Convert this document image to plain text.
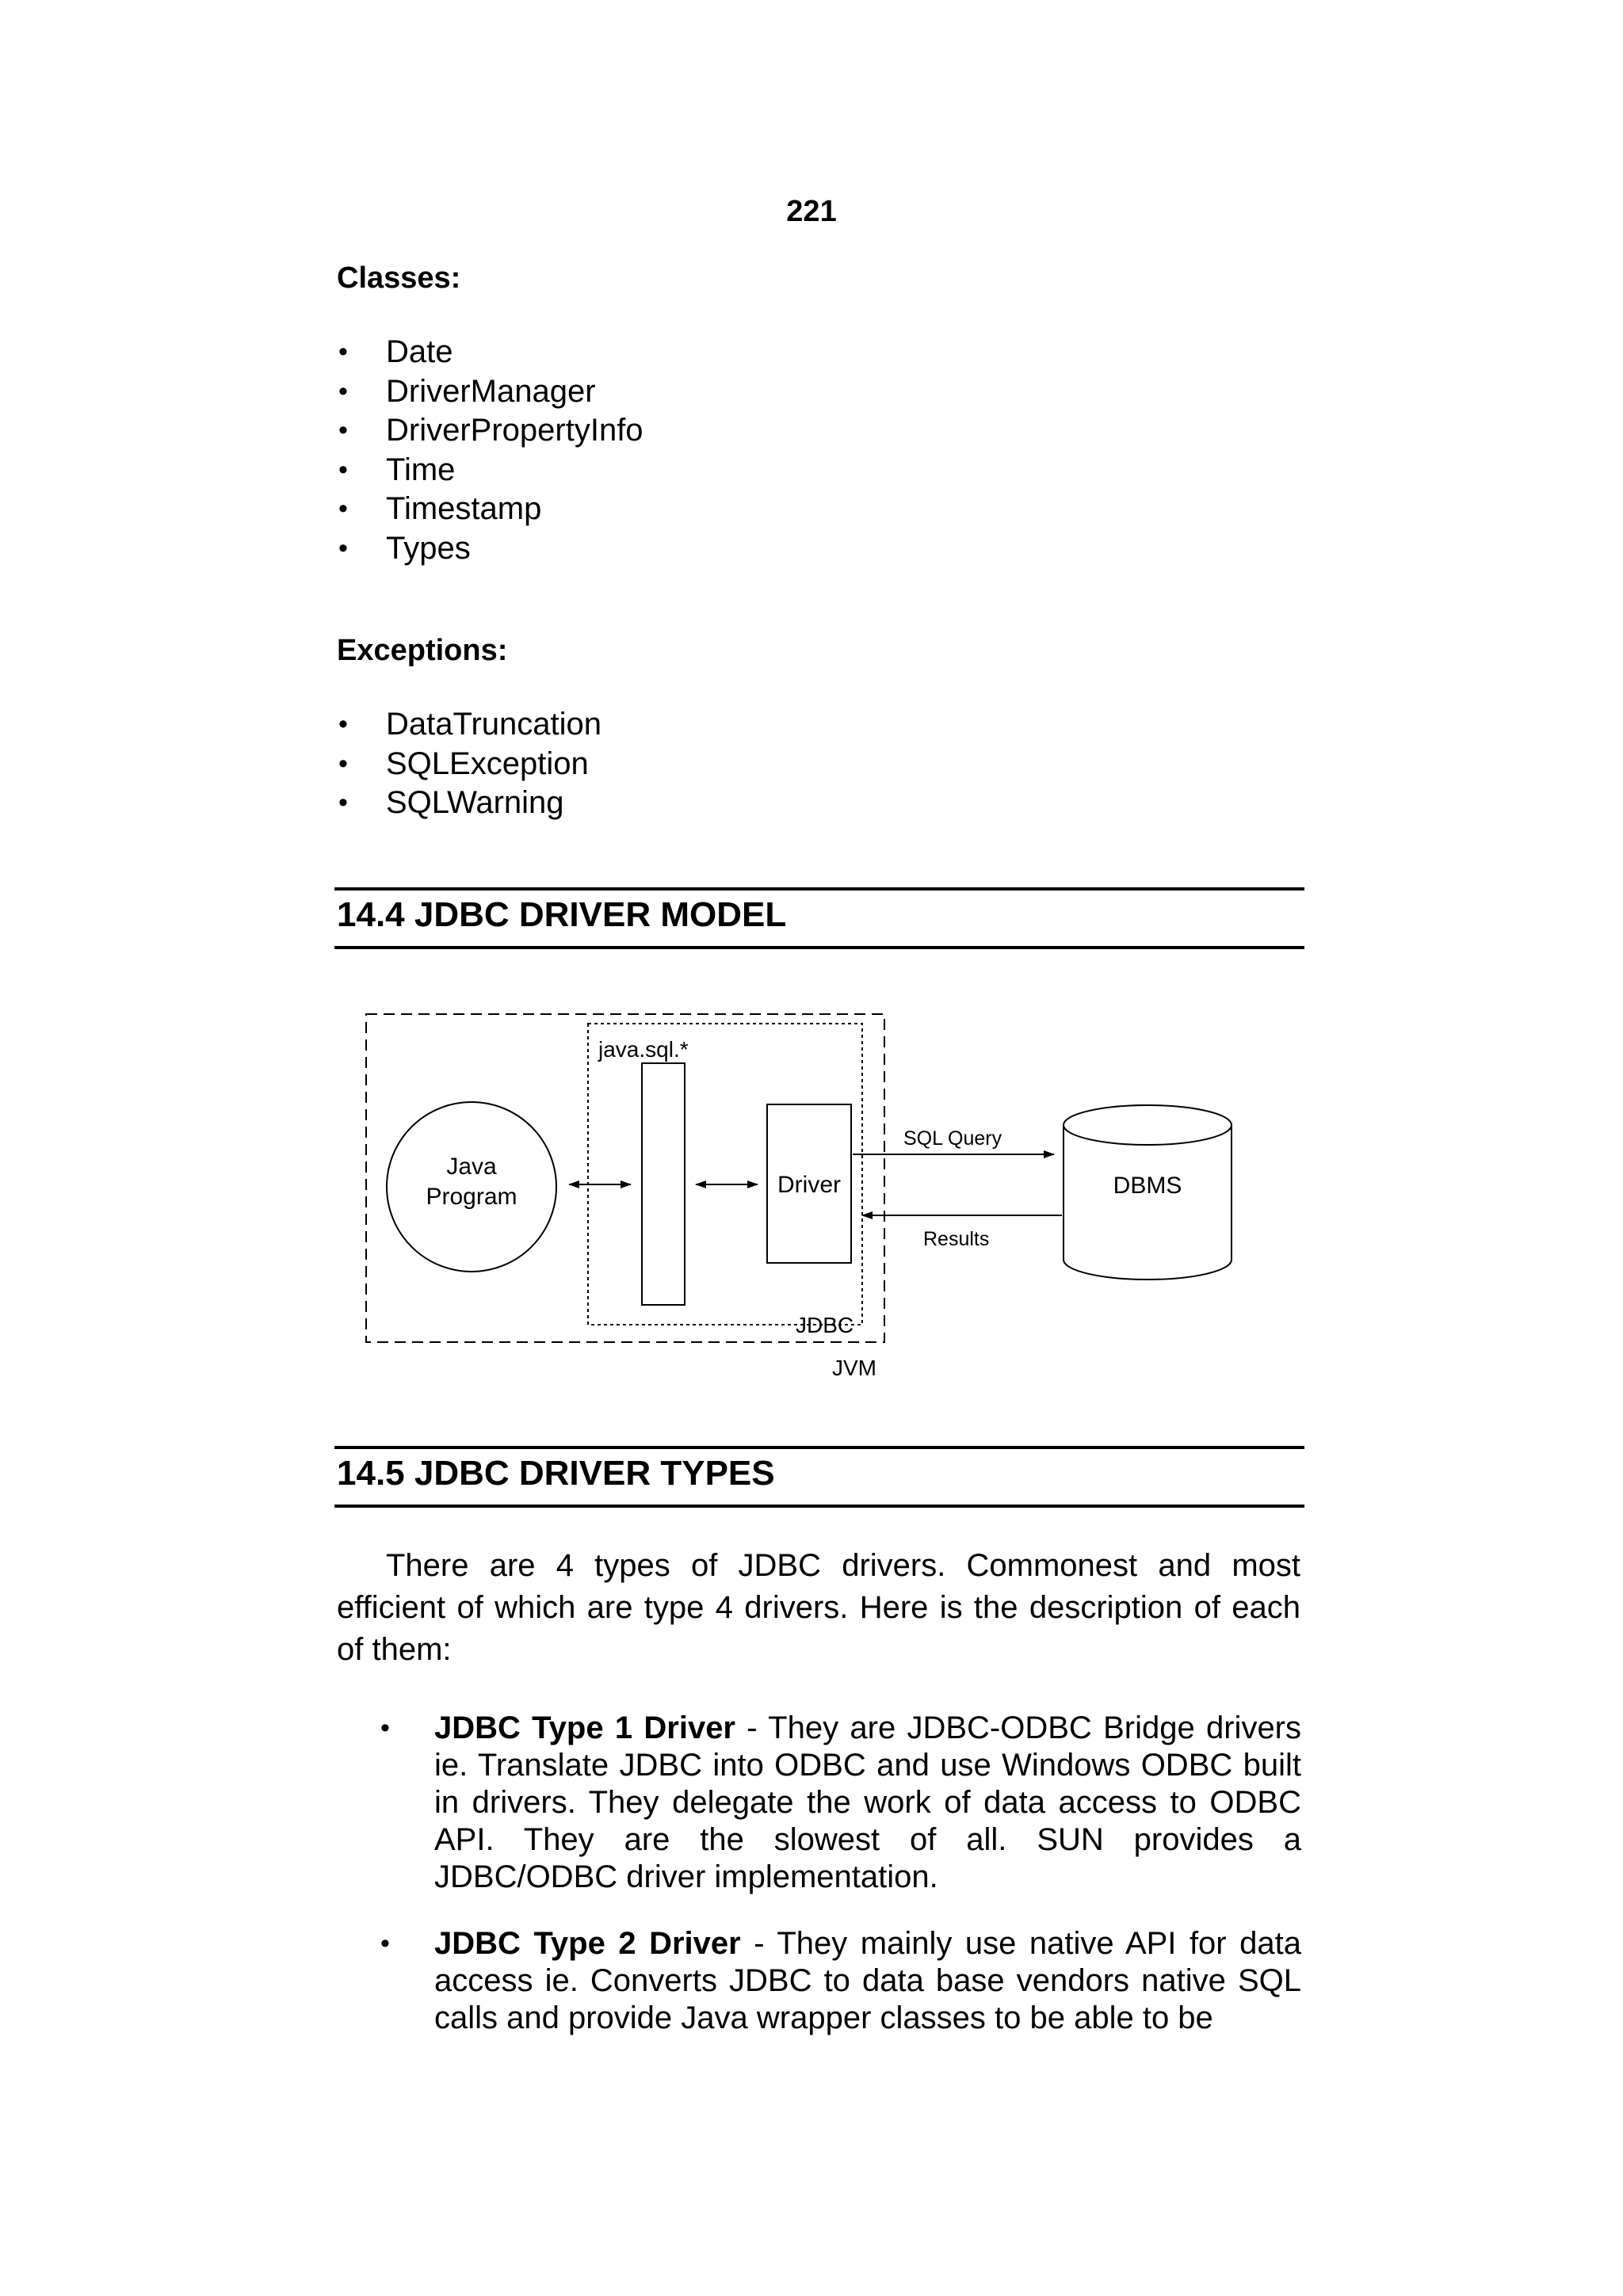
221
Classes:
• Date
• DriverManager
• DriverPropertyInfo
• Time
• Timestamp
• Types
Exceptions:
• DataTruncation
• SQLException
• SQLWarning
14.4 JDBC DRIVER MODEL
java.sql.*
Java
Program	Driver
SQL Query
Results
DBMS
JDBC
JVM
14.5 JDBC DRIVER TYPES

There are 4 types of JDBC drivers. Commonest and most efficient of which are type 4 drivers. Here is the description of each of them:

• JDBC Type 1 Driver - They are JDBC-ODBC Bridge drivers ie. Translate JDBC into ODBC and use Windows ODBC built in drivers. They delegate the work of data access to ODBC API. They are the slowest of all. SUN provides a JDBC/ODBC driver implementation.
• JDBC Type 2 Driver - They mainly use native API for data access ie. Converts JDBC to data base vendors native SQL calls and provide Java wrapper classes to be able to be
